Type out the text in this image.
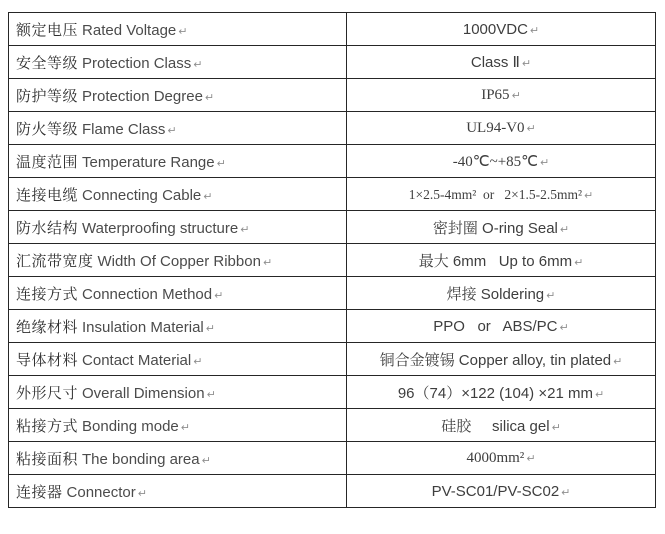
额定电压 Rated Voltage ↵	1000VDC ↵
安全等级 Protection Class ↵	Class Ⅱ ↵
防护等级 Protection Degree ↵	IP65 ↵
防火等级 Flame Class ↵	UL94-V0 ↵
温度范围 Temperature Range ↵	-40℃~+85℃ ↵
连接电缆 Connecting Cable ↵	1×2.5-4mm²  or   2×1.5-2.5mm² ↵
防水结构 Waterproofing structure ↵	密封圈 O-ring Seal ↵
汇流带宽度 Width Of Copper Ribbon ↵	最大 6mm   Up to 6mm ↵
连接方式 Connection Method ↵	焊接 Soldering ↵
绝缘材料 Insulation Material ↵	PPO   or   ABS/PC ↵
导体材料 Contact Material ↵	铜合金镀锡 Copper alloy, tin plated ↵
外形尺寸 Overall Dimension ↵	96（74）×122 (104) ×21 mm ↵
粘接方式 Bonding mode ↵	硅胶     silica gel ↵
粘接面积 The bonding area ↵	4000mm² ↵
连接器 Connector ↵	PV-SC01/PV-SC02 ↵
